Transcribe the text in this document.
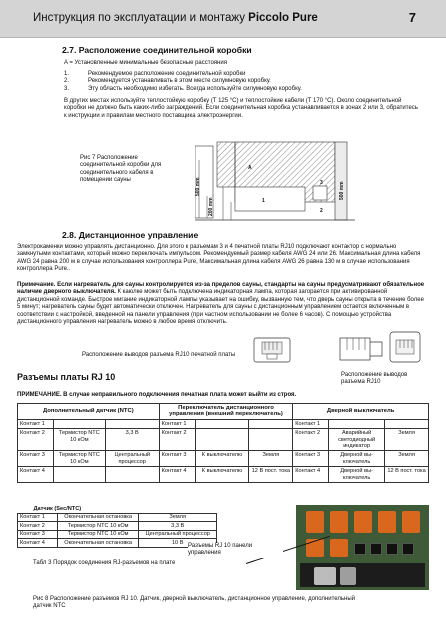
Инструкция по эксплуатации и монтажу Piccolo Pure	7
2.7. Расположение соединительной коробки
A = Установленные минимальные безопасные расстояния
1.	Рекомендуемое расположение соединительной коробки
2.	Рекомендуется устанавливать в этом месте силумновую коробку.
3.	Эту область необходимо избегать. Всегда используйте силумновую коробку.
В других местах используйте теплостойкую коробку (T 125 °C) и теплостойкие кабели (T 170 °C). Около соединительной коробки не должно быть каких-либо заграждений. Если соединительная коробка устанавливается в зонах 2 или 3, обратитесь к инструкции и правилам местного поставщика электроэнергии.
Рис 7 Расположение соединительной коробки для соединительного кабеля в помещении сауны	500 mm
200 mm
500 mm
A
1
2
3
2.8. Дистанционное управление
Электрокаменки можно управлять дистанционно. Для этого к разъемам 3 и 4 печатной платы RJ10 подключают контактор с нормально замкнутыми контактами, который можно переключать импульсом. Рекомендуемый размер кабеля AWG 24 или 26. Максимальная длина кабеля AWG 24 равна 200 м в случае использования контроллера Pure, Максимальная длина кабеля AWG 26 равна 130 м в случае использования контроллера Pure..
Примечание. Если нагреватель для сауны контролируется из-за пределов сауны, стандарты на сауны предусматривают обязательное наличие дверного выключателя. К каюлке может быть подключена индикаторная лампа, которая загорается при активированной дистанционной команде. Быстрое мигание индикаторной лампы указывает на ошибку, вызванную тем, что дверь сауны открыта в течение более 5 минут; нагреватель сауны будет автоматически отключен. Нагреватель для сауны с дистанционным управлением остается включенным в соответствии с настройкой, введенной на панели управления (при частном использовании не более 6 часов). С помощью устройства дистанционного управления нагреватель можно в любое время отключить.
Расположение выводов разъема RJ10 печатной платы
Расположение выводов
разъема RJ10
Разъемы платы RJ 10
ПРИМЕЧАНИЕ. В случае неправильного подключения печатная плата может выйти из строя.
Дополнительный датчик (NTC)			Переключатель дистанционного управления (внешний переключатель)			Дверной выключатель		
Контакт 1			Контакт 1			Контакт 1		
Контакт 2	Термистор NTC 10 кОм	3,3 В	Контакт 2			Контакт 2	Аварийный светодиодный индикатор	Земля
Контакт 3	Термистор NTC 10 кОм	Центральный процессор	Контакт 3	К выключателю	Земля	Контакт 3	Дверной вы-ключатель	Земля
Контакт 4			Контакт 4	К выключателю	12 В пост. тока	Контакт 4	Дверной вы-ключатель	12 В пост. тока
Датчик (Sec/NTC)		
Контакт 1	Окончательная остановка	Земля
Контакт 2	Термистор NTC 10 кОм	3,3 В
Контакт 3	Термистор NTC 10 кОм	Центральный процессор
Контакт 4	Окончательная остановка	10 В
Табл 3 Порядок соединения RJ-разъемов на плате
Разъемы RJ 10 панели управления
Рис 8 Расположение разъемов RJ 10. Датчик, дверной выключатель, дистанционное управление, дополнительный датчик NTC
